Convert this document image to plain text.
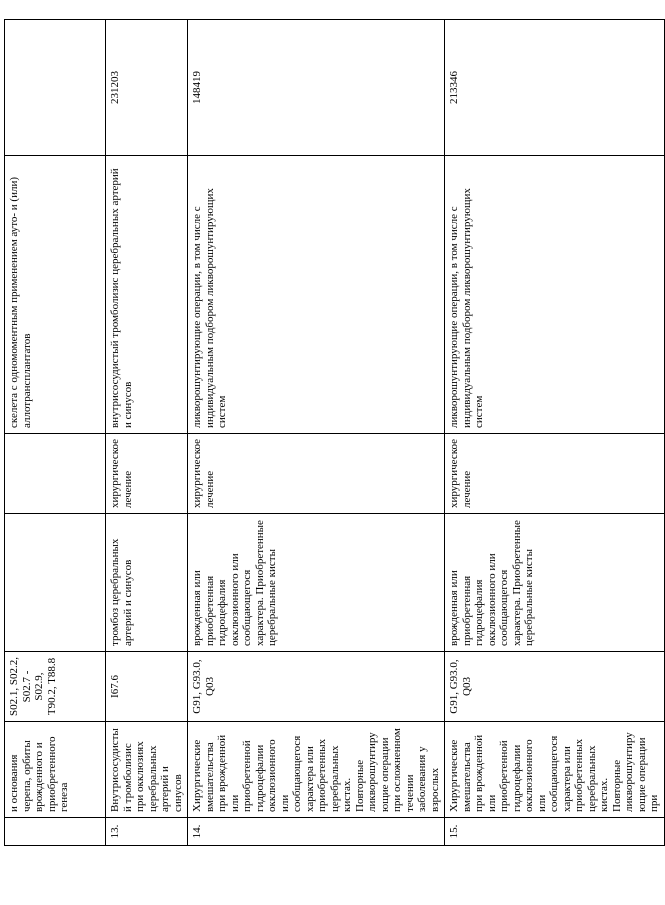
	и основания черепа, орбиты врожденного и приобретенного генеза	S02.1, S02.2, S02.7 - S02.9, T90.2, T88.8			скелета с одномоментным применением ауто- и (или) аллотрансплантатов	
13.	Внутрисосудистый тромболизис при окклюзиях церебральных артерий и синусов	I67.6	тромбоз церебральных артерий и синусов	хирургическое лечение	внутрисосудистый тромболизис церебральных артерий и синусов	231203
14.	Хирургические вмешательства при врожденной или приобретенной гидроцефалии окклюзионного или сообщающегося характера или приобретенных церебральных кистах. Повторные ликворошунтирующие операции при осложненном течении заболевания у взрослых	G91, G93.0, Q03	врожденная или приобретенная гидроцефалия окклюзионного или сообщающегося характера. Приобретенные церебральные кисты	хирургическое лечение	ликворошунтирующие операции, в том числе с индивидуальным подбором ликворошунтирующих систем	148419
15.	Хирургические вмешательства при врожденной или приобретенной гидроцефалии окклюзионного или сообщающегося характера или приобретенных церебральных кистах. Повторные ликворошунтирующие операции при	G91, G93.0, Q03	врожденная или приобретенная гидроцефалия окклюзионного или сообщающегося характера. Приобретенные церебральные кисты	хирургическое лечение	ликворошунтирующие операции, в том числе с индивидуальным подбором ликворошунтирующих систем	213346
